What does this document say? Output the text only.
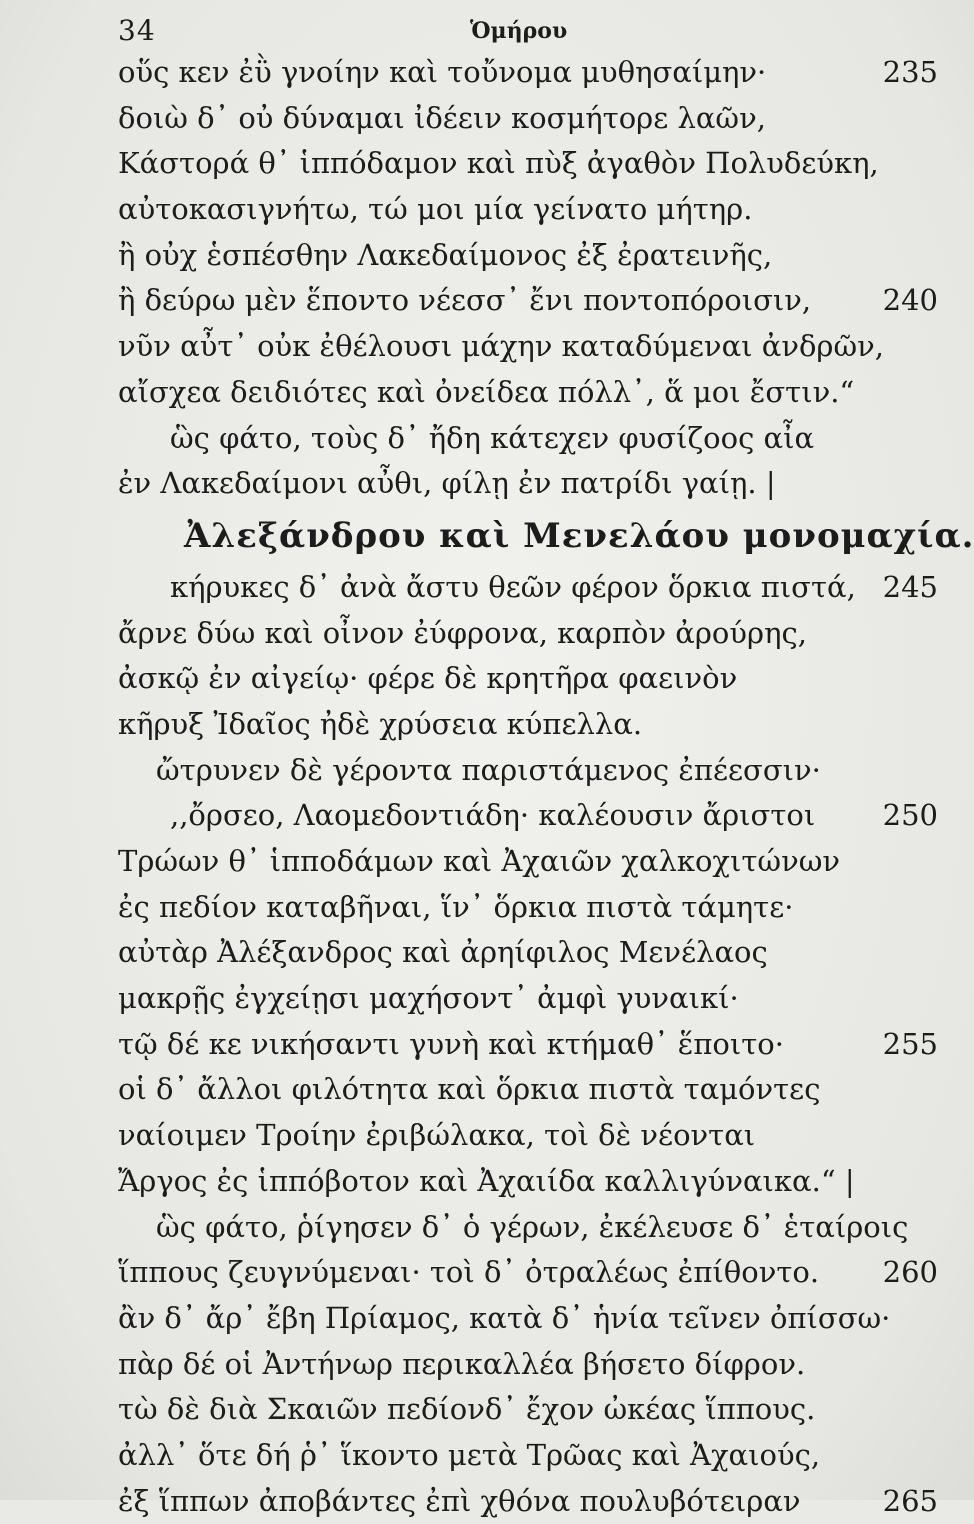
34	Ὁμήρου
οὕς κεν ἐῢ γνοίην καὶ τοὔνομα μυθησαίμην·	235
δοιὼ δ᾽ οὐ δύναμαι ἰδέειν κοσμήτορε λαῶν,
Κάστορά θ᾽ ἱππόδαμον καὶ πὺξ ἀγαθὸν Πολυδεύκη,
αὐτοκασιγνήτω, τώ μοι μία γείνατο μήτηρ.
ἢ οὐχ ἑσπέσθην Λακεδαίμονος ἐξ ἐρατεινῆς,
ἢ δεύρω μὲν ἕποντο νέεσσ᾽ ἔνι ποντοπόροισιν, 240
νῦν αὖτ᾽ οὐκ ἐθέλουσι μάχην καταδύμεναι ἀνδρῶν,
αἴσχεα δειδιότες καὶ ὀνείδεα πόλλ᾽, ἅ μοι ἔστιν.“
ὣς φάτο, τοὺς δ᾽ ἤδη κάτεχεν φυσίζοος αἶα
ἐν Λακεδαίμονι αὖθι, φίλῃ ἐν πατρίδι γαίῃ. |
Ἀλεξάνδρου καὶ Μενελάου μονομαχία.
κήρυκες δ᾽ ἀνὰ ἄστυ θεῶν φέρον ὅρκια πιστά, 245
ἄρνε δύω καὶ οἶνον ἐύφρονα, καρπὸν ἀρούρης,
ἀσκῷ ἐν αἰγείῳ· φέρε δὲ κρητῆρα φαεινὸν
κῆρυξ Ἰδαῖος ἠδὲ χρύσεια κύπελλα.
ὤτρυνεν δὲ γέροντα παριστάμενος ἐπέεσσιν·
,,ὄρσεο, Λαομεδοντιάδη· καλέουσιν ἄριστοι 250
Τρώων θ᾽ ἱπποδάμων καὶ Ἀχαιῶν χαλκοχιτώνων
ἐς πεδίον καταβῆναι, ἵν᾽ ὅρκια πιστὰ τάμητε·
αὐτὰρ Ἀλέξανδρος καὶ ἀρηίφιλος Μενέλαος
μακρῇς ἐγχείῃσι μαχήσοντ᾽ ἀμφὶ γυναικί·
τῷ δέ κε νικήσαντι γυνὴ καὶ κτήμαθ᾽ ἕποιτο·	255
οἱ δ᾽ ἄλλοι φιλότητα καὶ ὅρκια πιστὰ ταμόντες
ναίοιμεν Τροίην ἐριβώλακα, τοὶ δὲ νέονται
Ἄργος ἐς ἱππόβοτον καὶ Ἀχαιίδα καλλιγύναικα.“ |
ὣς φάτο, ῥίγησεν δ᾽ ὁ γέρων, ἐκέλευσε δ᾽ ἑταίροις
ἵππους ζευγνύμεναι· τοὶ δ᾽ ὀτραλέως ἐπίθοντο. 260
ἂν δ᾽ ἄρ᾽ ἔβη Πρίαμος, κατὰ δ᾽ ἡνία τεῖνεν ὀπίσσω·
πὰρ δέ οἱ Ἀντήνωρ περικαλλέα βήσετο δίφρον.
τὼ δὲ διὰ Σκαιῶν πεδίονδ᾽ ἔχον ὠκέας ἵππους.
ἀλλ᾽ ὅτε δή ῥ᾽ ἵκοντο μετὰ Τρῶας καὶ Ἀχαιούς,
ἐξ ἵππων ἀποβάντες ἐπὶ χθόνα πουλυβότειραν	265
